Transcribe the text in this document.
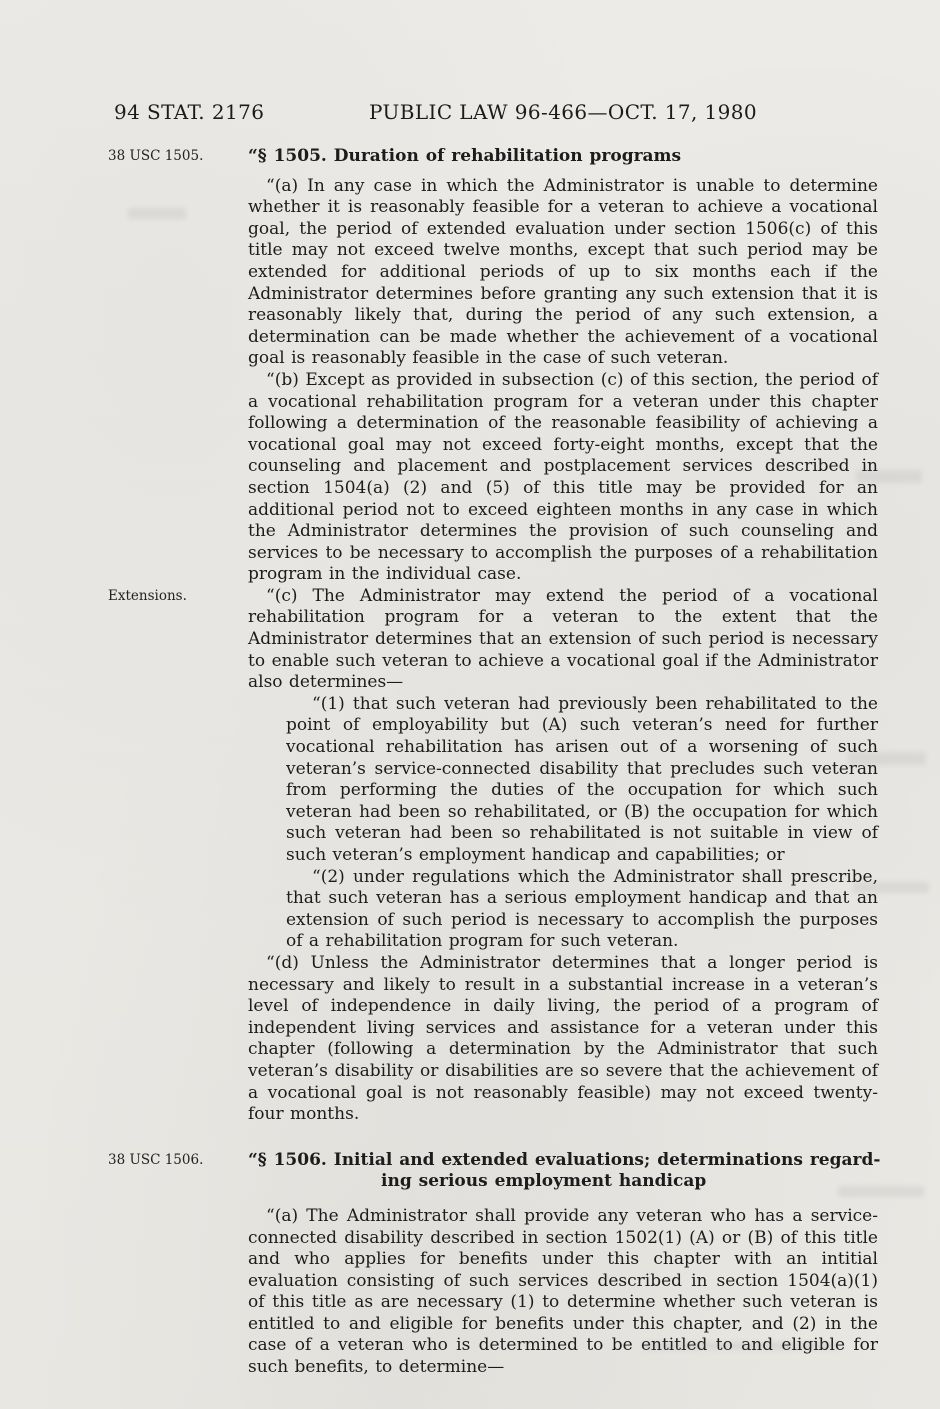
94 STAT. 2176	PUBLIC LAW 96-466—OCT. 17, 1980
38 USC 1505.	“§ 1505. Duration of rehabilitation programs
“(a) In any case in which the Administrator is unable to determine whether it is reasonably feasible for a veteran to achieve a vocational goal, the period of extended evaluation under section 1506(c) of this title may not exceed twelve months, except that such period may be extended for additional periods of up to six months each if the Administrator determines before granting any such extension that it is reasonably likely that, during the period of any such extension, a determination can be made whether the achievement of a vocational goal is reasonably feasible in the case of such veteran.
“(b) Except as provided in subsection (c) of this section, the period of a vocational rehabilitation program for a veteran under this chapter following a determination of the reasonable feasibility of achieving a vocational goal may not exceed forty-eight months, except that the counseling and placement and postplacement services described in section 1504(a) (2) and (5) of this title may be provided for an additional period not to exceed eighteen months in any case in which the Administrator determines the provision of such counseling and services to be necessary to accomplish the purposes of a rehabilitation program in the individual case.
Extensions.	“(c) The Administrator may extend the period of a vocational rehabilitation program for a veteran to the extent that the Administrator determines that an extension of such period is necessary to enable such veteran to achieve a vocational goal if the Administrator also determines—
“(1) that such veteran had previously been rehabilitated to the point of employability but (A) such veteran’s need for further vocational rehabilitation has arisen out of a worsening of such veteran’s service-connected disability that precludes such veteran from performing the duties of the occupation for which such veteran had been so rehabilitated, or (B) the occupation for which such veteran had been so rehabilitated is not suitable in view of such veteran’s employment handicap and capabilities; or
“(2) under regulations which the Administrator shall prescribe, that such veteran has a serious employment handicap and that an extension of such period is necessary to accomplish the purposes of a rehabilitation program for such veteran.
“(d) Unless the Administrator determines that a longer period is necessary and likely to result in a substantial increase in a veteran’s level of independence in daily living, the period of a program of independent living services and assistance for a veteran under this chapter (following a determination by the Administrator that such veteran’s disability or disabilities are so severe that the achievement of a vocational goal is not reasonably feasible) may not exceed twenty-four months.
38 USC 1506.	“§ 1506. Initial and extended evaluations; determinations regard-
ing serious employment handicap
“(a) The Administrator shall provide any veteran who has a service-connected disability described in section 1502(1) (A) or (B) of this title and who applies for benefits under this chapter with an intitial evaluation consisting of such services described in section 1504(a)(1) of this title as are necessary (1) to determine whether such veteran is entitled to and eligible for benefits under this chapter, and (2) in the case of a veteran who is determined to be entitled to and eligible for such benefits, to determine—
